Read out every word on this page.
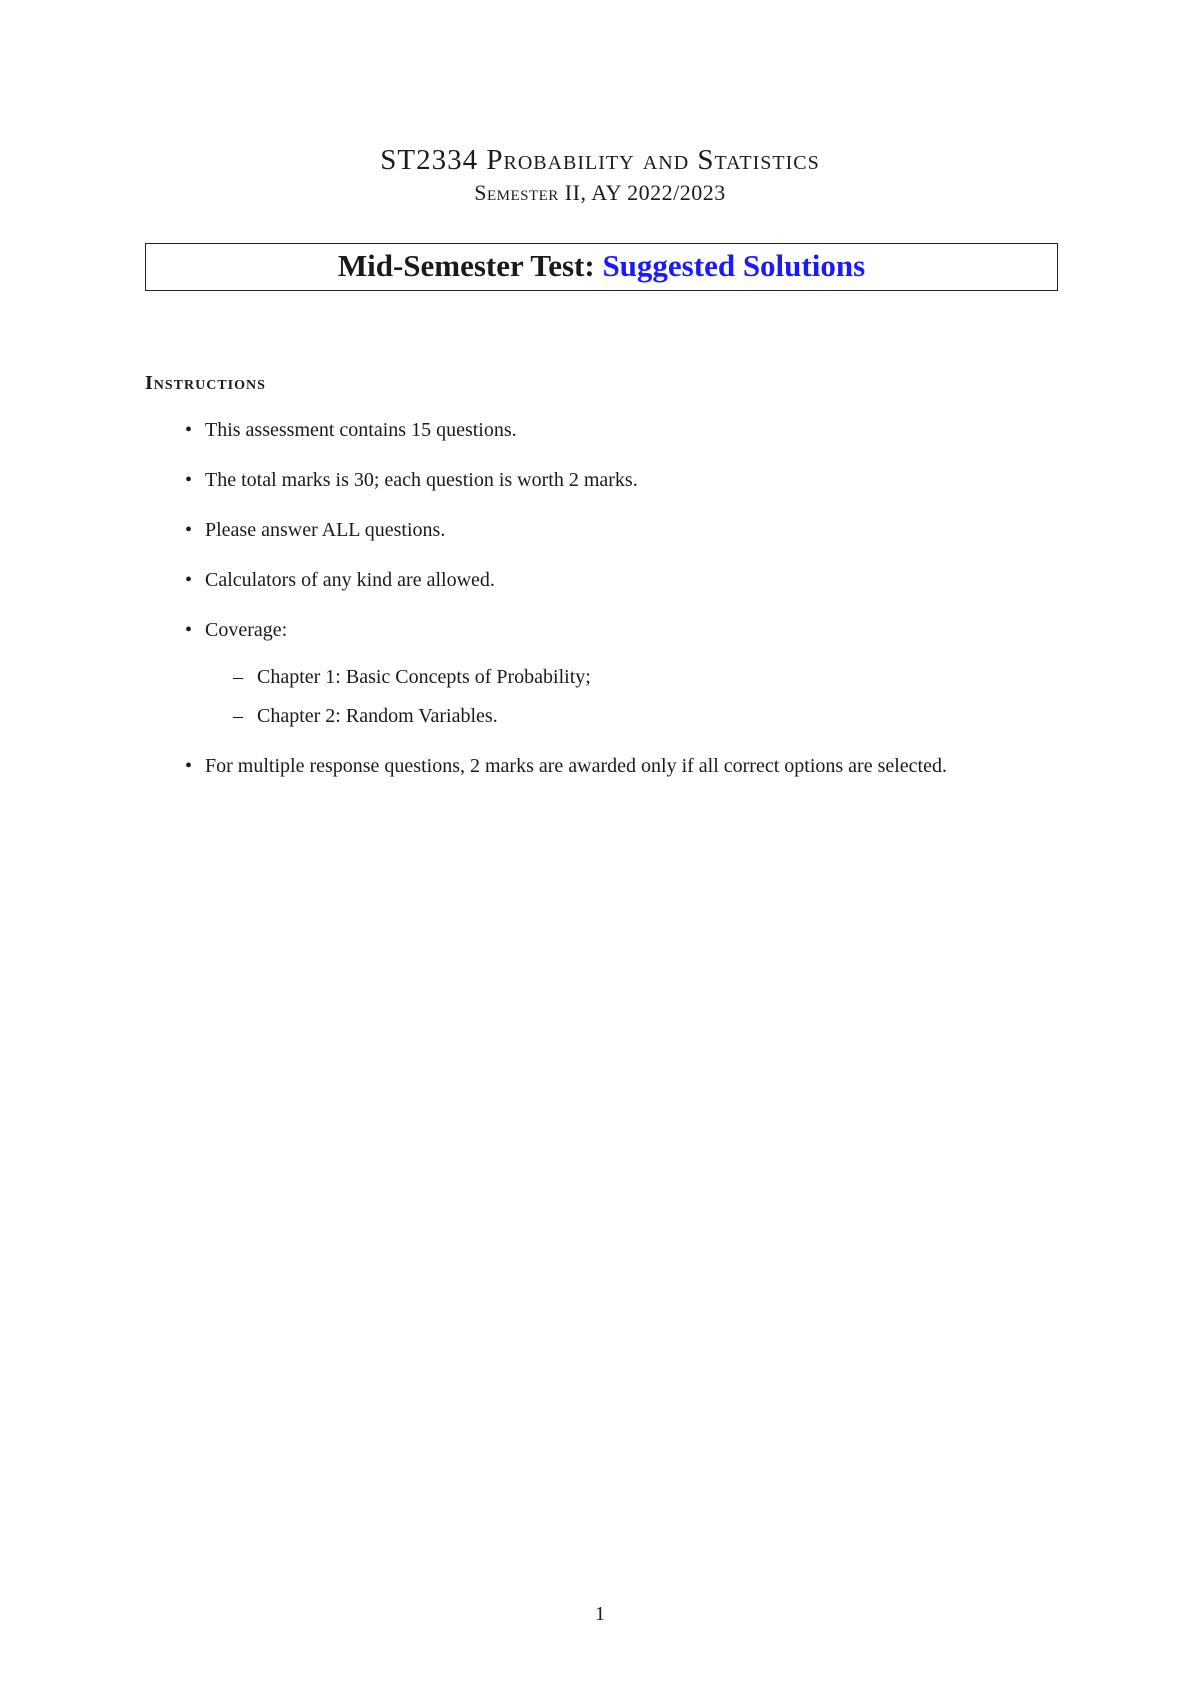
ST2334 Probability and Statistics
Semester II, AY 2022/2023
Mid-Semester Test: Suggested Solutions
Instructions
• This assessment contains 15 questions.
• The total marks is 30; each question is worth 2 marks.
• Please answer ALL questions.
• Calculators of any kind are allowed.
• Coverage:
– Chapter 1: Basic Concepts of Probability;
– Chapter 2: Random Variables.
• For multiple response questions, 2 marks are awarded only if all correct options are selected.
1
